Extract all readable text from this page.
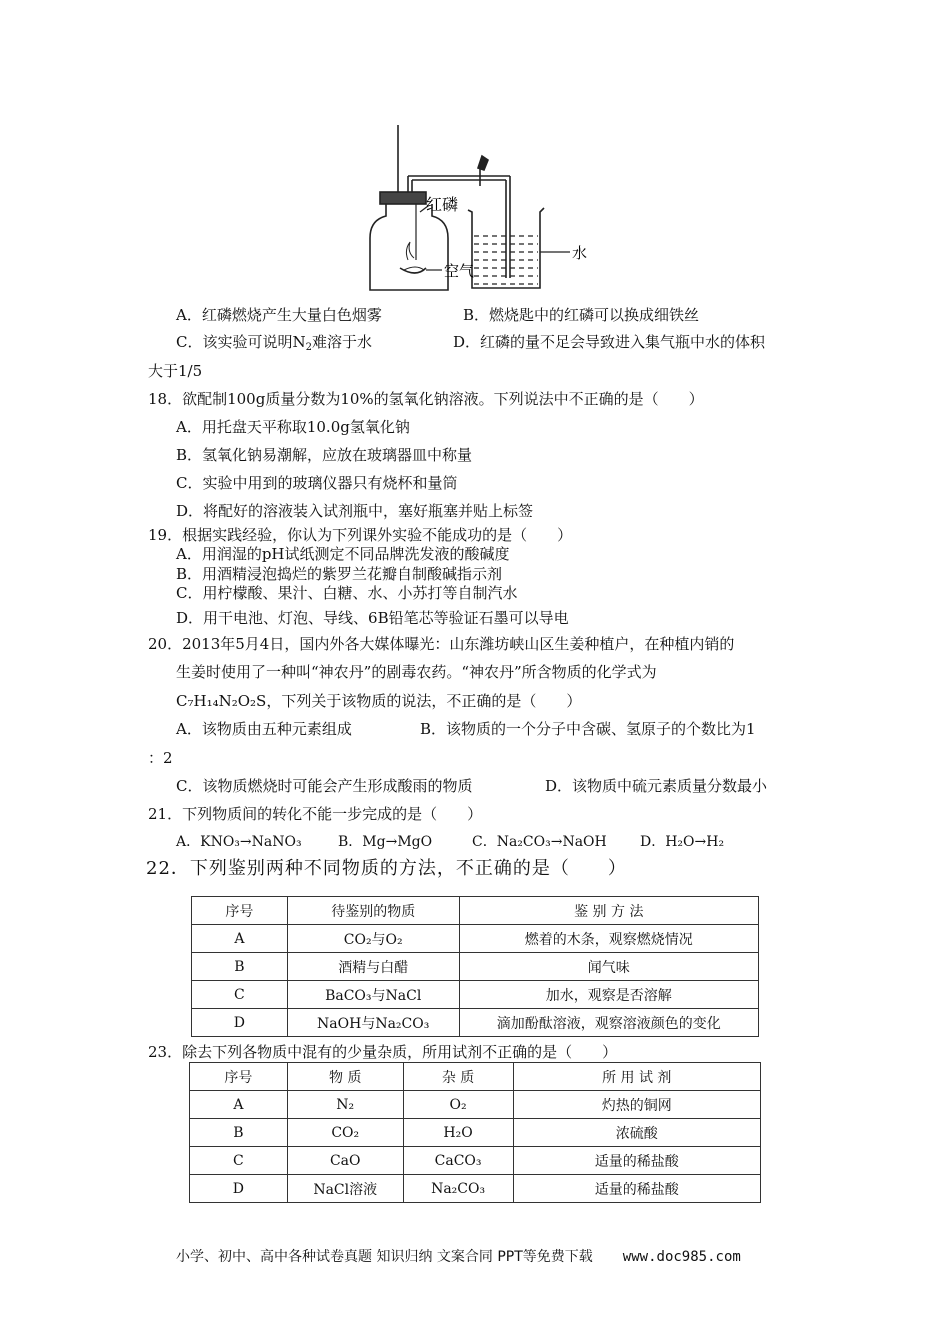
红磷
空气
水
A．红磷燃烧产生大量白色烟雾	B．燃烧匙中的红磷可以换成细铁丝
C．该实验可说明$N_2$难溶于水	D．红磷的量不足会导致进入集气瓶中水的体积
大于1/5
18．欲配制100g质量分数为10%的氢氧化钠溶液。下列说法中不正确的是（　　）
A．用托盘天平称取10.0g氢氧化钠
B．氢氧化钠易潮解，应放在玻璃器皿中称量
C．实验中用到的玻璃仪器只有烧杯和量筒
D．将配好的溶液装入试剂瓶中，塞好瓶塞并贴上标签
19．根据实践经验，你认为下列课外实验不能成功的是（　　）
A．用润湿的pH试纸测定不同品牌洗发液的酸碱度
B．用酒精浸泡捣烂的紫罗兰花瓣自制酸碱指示剂
C．用柠檬酸、果汁、白糖、水、小苏打等自制汽水
D．用干电池、灯泡、导线、6B铅笔芯等验证石墨可以导电
20．2013年5月4日，国内外各大媒体曝光：山东潍坊峡山区生姜种植户，在种植内销的
生姜时使用了一种叫“神农丹”的剧毒农药。“神农丹”所含物质的化学式为
C₇H₁₄N₂O₂S，下列关于该物质的说法，不正确的是（　　）
A．该物质由五种元素组成	B．该物质的一个分子中含碳、氢原子的个数比为1
：2
C．该物质燃烧时可能会产生形成酸雨的物质	D．该物质中硫元素质量分数最小
21．下列物质间的转化不能一步完成的是（　　）
A．KNO₃→NaNO₃	B．Mg→MgO	C．Na₂CO₃→NaOH D．H₂O→H₂
22．下列鉴别两种不同物质的方法，不正确的是（　　）
序号	待鉴别的物质	鉴 别 方 法
A	CO₂与O₂	燃着的木条，观察燃烧情况
B	酒精与白醋	闻气味
C	BaCO₃与NaCl	加水，观察是否溶解
D	NaOH与Na₂CO₃	滴加酚酞溶液，观察溶液颜色的变化
23．除去下列各物质中混有的少量杂质，所用试剂不正确的是（　　）
序号	物 质	杂 质	所 用 试 剂
A	N₂	O₂	灼热的铜网
B	CO₂	H₂O	浓硫酸
C	CaO	CaCO₃	适量的稀盐酸
D	NaCl溶液	Na₂CO₃	适量的稀盐酸
小学、初中、高中各种试卷真题 知识归纳 文案合同 PPT等免费下载 www.doc985.com
